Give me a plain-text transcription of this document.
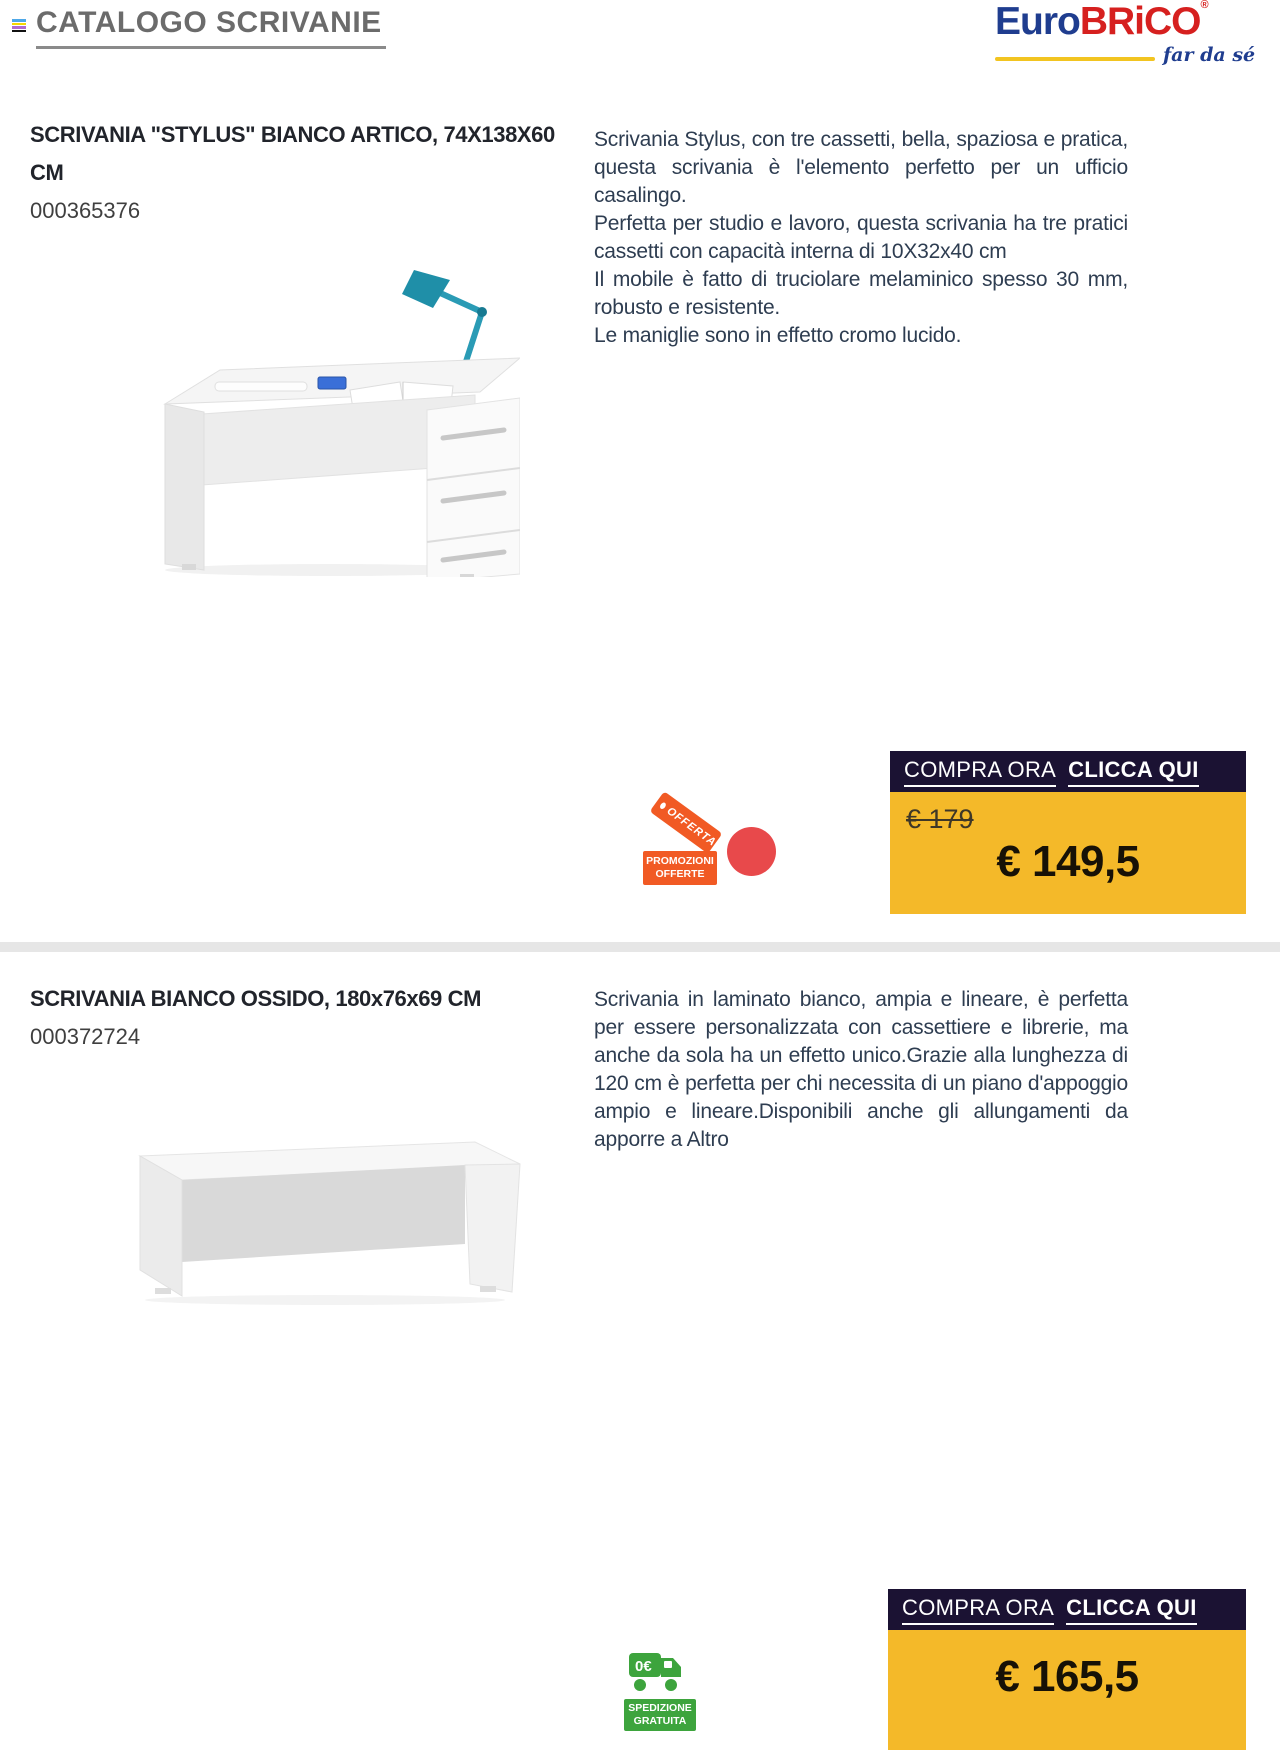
CATALOGO SCRIVANIE	Euro BRiCO ®
far da sé
SCRIVANIA "STYLUS" BIANCO ARTICO, 74X138X60 CM
000365376
Scrivania Stylus, con tre cassetti, bella, spaziosa e pratica, questa scrivania è l'elemento perfetto per un ufficio casalingo.
Perfetta per studio e lavoro, questa scrivania ha tre pratici cassetti con capacità interna di 10X32x40 cm
Il mobile è fatto di truciolare melaminico spesso 30 mm, robusto e resistente.
Le maniglie sono in effetto cromo lucido.
OFFERTA
PROMOZIONI
OFFERTE
COMPRA ORA CLICCA QUI
€ 179
€ 149,5
SCRIVANIA BIANCO OSSIDO, 180x76x69 CM
000372724
Scrivania in laminato bianco, ampia e lineare, è perfetta per essere personalizzata con cassettiere e librerie, ma anche da sola ha un effetto unico.Grazie alla lunghezza di 120 cm è perfetta per chi necessita di un piano d'appoggio ampio e lineare.Disponibili anche gli allungamenti da apporre a Altro
0€
SPEDIZIONE
GRATUITA
COMPRA ORA CLICCA QUI
€ 165,5
